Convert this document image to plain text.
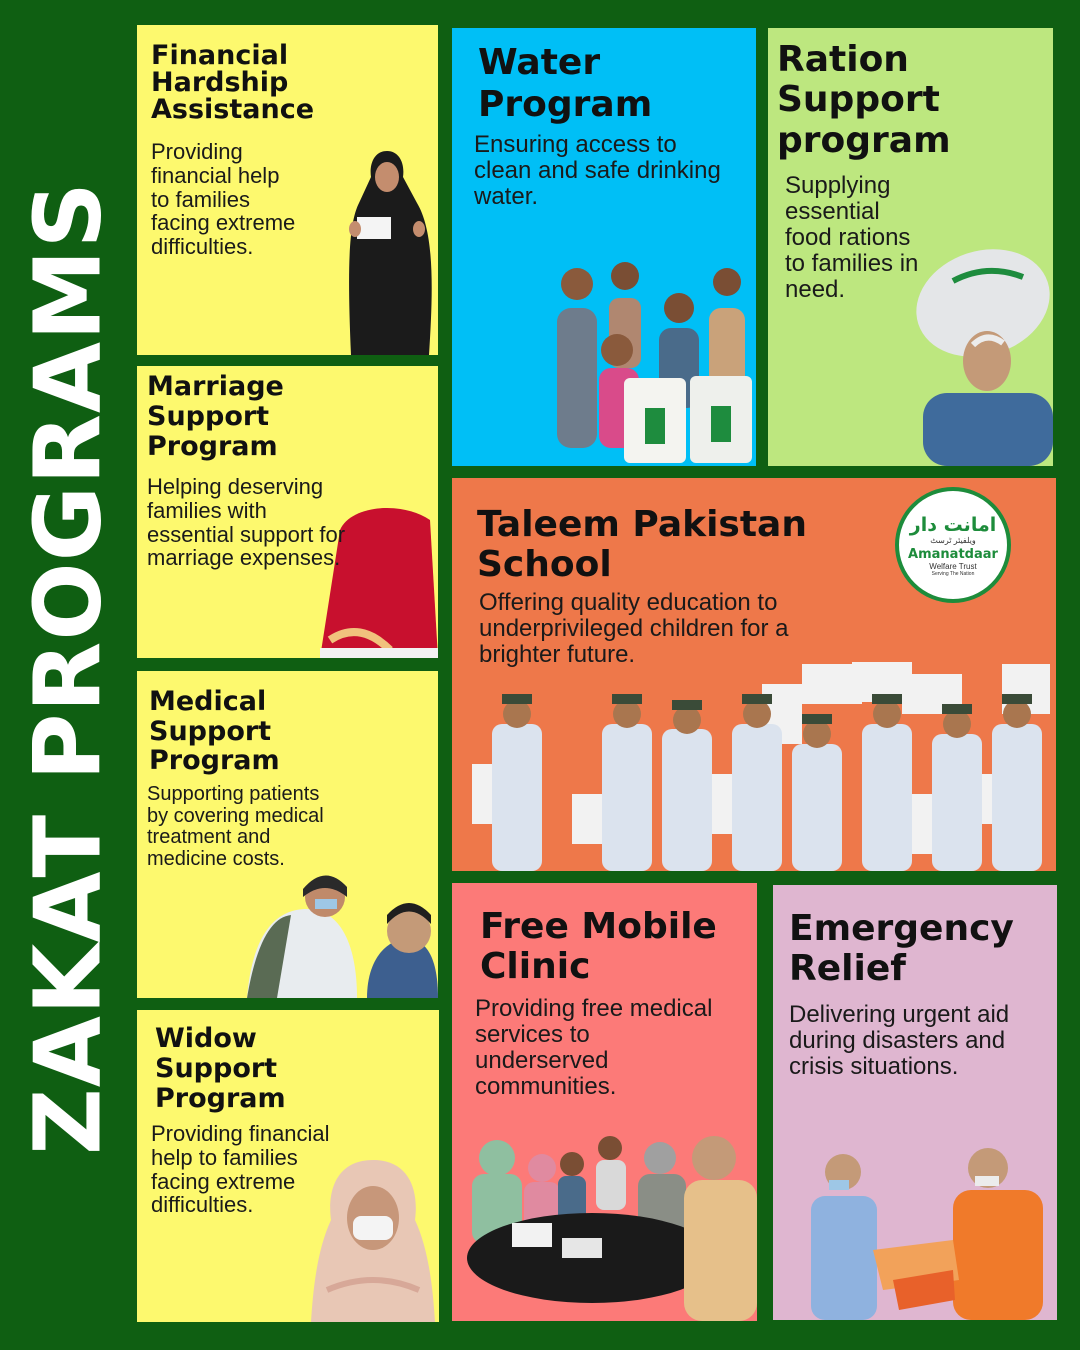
ZAKAT PROGRAMS
Financial Hardship Assistance

Providing financial help to families facing extreme difficulties.

Water Program

Ensuring access to clean and safe drinking water.

Ration Support program

Supplying essential food rations to families in need.

Marriage Support Program

Helping deserving families with essential support for marriage expenses.

Taleem Pakistan School

Offering quality education to underprivileged children for a brighter future.

امانت دار
ویلفیئر ٹرسٹ
Amanatdaar
Welfare Trust
Serving The Nation
Medical Support Program

Supporting patients by covering medical treatment and medicine costs.

Free Mobile Clinic

Providing free medical services to underserved communities.

Emergency Relief

Delivering urgent aid during disasters and crisis situations.

Widow Support Program

Providing financial help to families facing extreme difficulties.
